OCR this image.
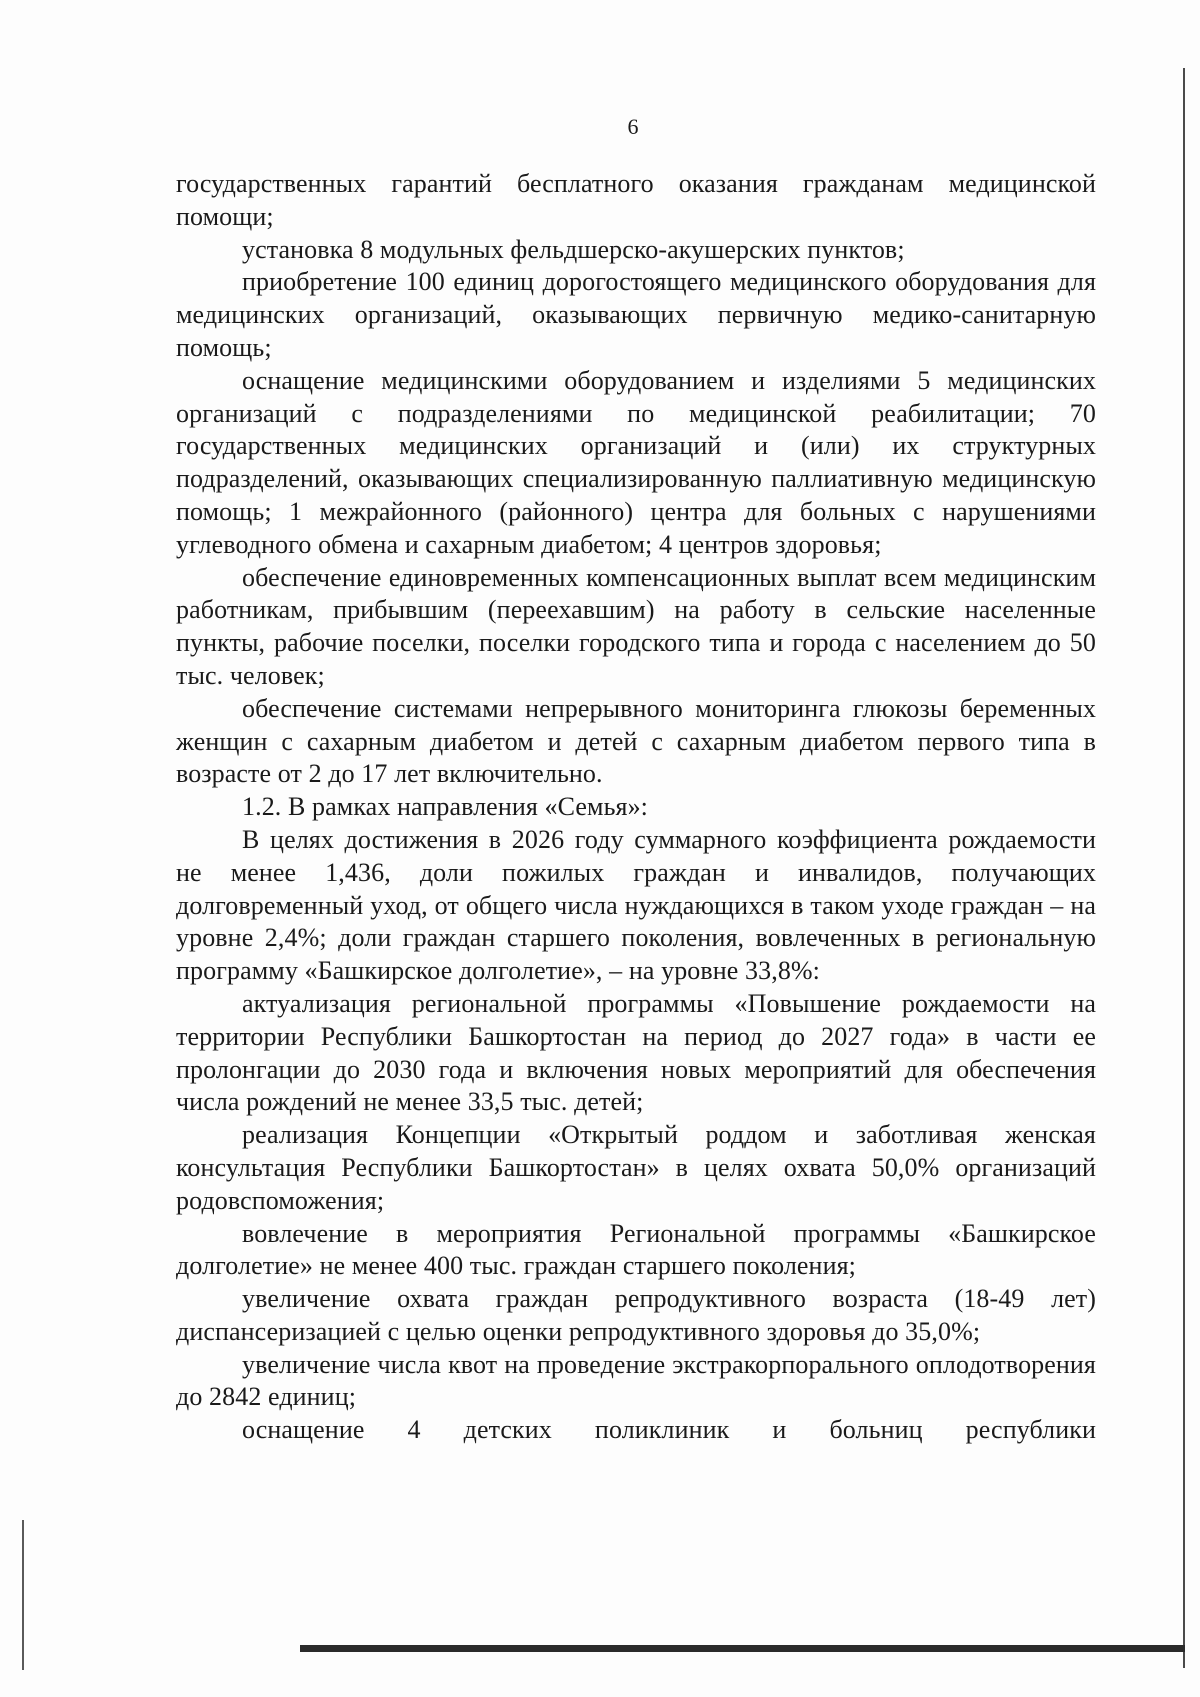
6

государственных гарантий бесплатного оказания гражданам медицинской помощи;

установка 8 модульных фельдшерско-акушерских пунктов;

приобретение 100 единиц дорогостоящего медицинского оборудования для медицинских организаций, оказывающих первичную медико-санитарную помощь;

оснащение медицинскими оборудованием и изделиями 5 медицинских организаций с подразделениями по медицинской реабилитации; 70 государственных медицинских организаций и (или) их структурных подразделений, оказывающих специализированную паллиативную медицинскую помощь; 1 межрайонного (районного) центра для больных с нарушениями углеводного обмена и сахарным диабетом; 4 центров здоровья;

обеспечение единовременных компенсационных выплат всем медицинским работникам, прибывшим (переехавшим) на работу в сельские населенные пункты, рабочие поселки, поселки городского типа и города с населением до 50 тыс. человек;

обеспечение системами непрерывного мониторинга глюкозы беременных женщин с сахарным диабетом и детей с сахарным диабетом первого типа в возрасте от 2 до 17 лет включительно.

1.2. В рамках направления «Семья»:

В целях достижения в 2026 году суммарного коэффициента рождаемости не менее 1,436, доли пожилых граждан и инвалидов, получающих долговременный уход, от общего числа нуждающихся в таком уходе граждан – на уровне 2,4%; доли граждан старшего поколения, вовлеченных в региональную программу «Башкирское долголетие», – на уровне 33,8%:

актуализация региональной программы «Повышение рождаемости на территории Республики Башкортостан на период до 2027 года» в части ее пролонгации до 2030 года и включения новых мероприятий для обеспечения числа рождений не менее 33,5 тыс. детей;

реализация Концепции «Открытый роддом и заботливая женская консультация Республики Башкортостан» в целях охвата 50,0% организаций родовспоможения;

вовлечение в мероприятия Региональной программы «Башкирское долголетие» не менее 400 тыс. граждан старшего поколения;

увеличение охвата граждан репродуктивного возраста (18-49 лет) диспансеризацией с целью оценки репродуктивного здоровья до 35,0%;

увеличение числа квот на проведение экстракорпорального оплодотворения до 2842 единиц;

оснащение 4 детских поликлиник и больниц республики
